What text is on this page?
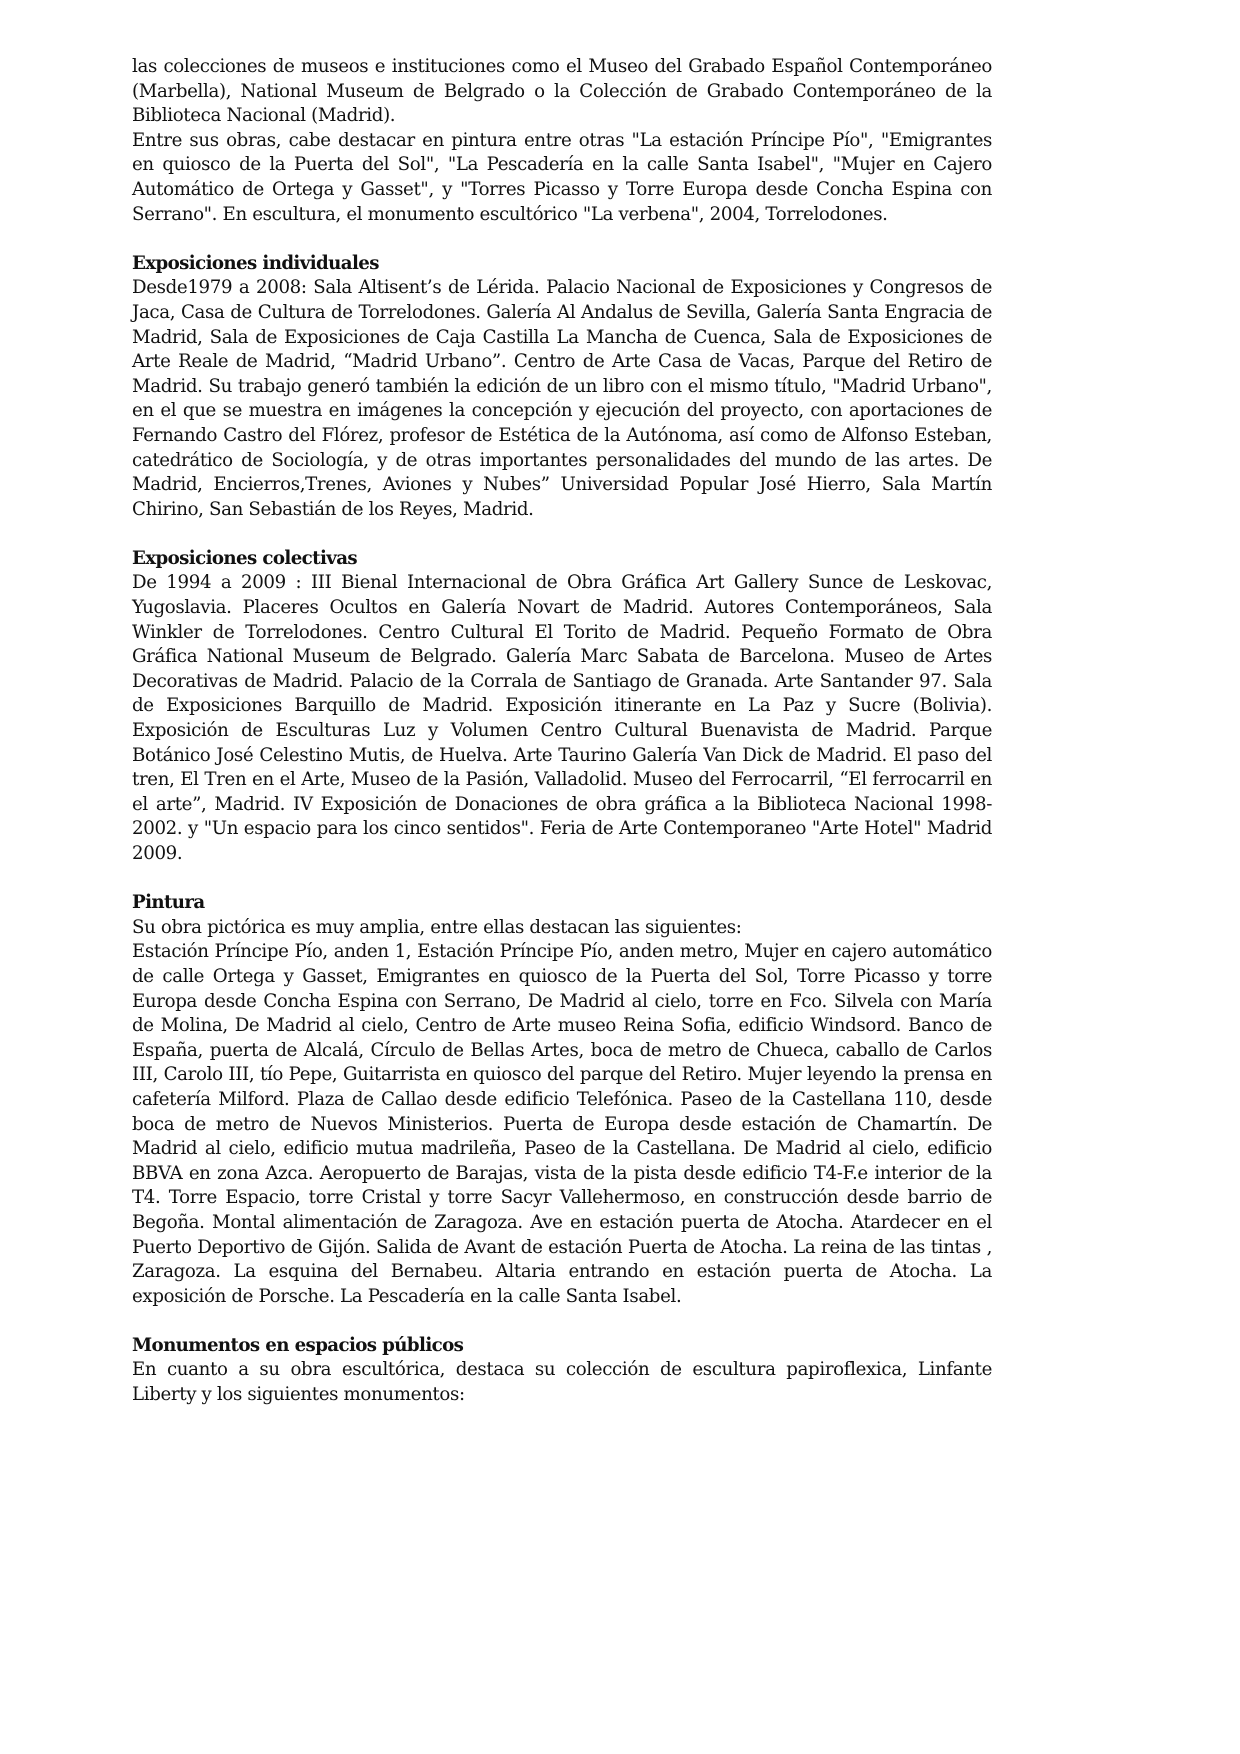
las colecciones de museos e instituciones como el Museo del Grabado Español Contemporáneo (Marbella), National Museum de Belgrado o la Colección de Grabado Contemporáneo de la Biblioteca Nacional (Madrid).

Entre sus obras, cabe destacar en pintura entre otras "La estación Príncipe Pío", "Emigrantes en quiosco de la Puerta del Sol", "La Pescadería en la calle Santa Isabel", "Mujer en Cajero Automático de Ortega y Gasset", y "Torres Picasso y Torre Europa desde Concha Espina con Serrano". En escultura, el monumento escultórico "La verbena", 2004, Torrelodones.

Exposiciones individuales

Desde1979 a 2008: Sala Altisent’s de Lérida. Palacio Nacional de Exposiciones y Congresos de Jaca, Casa de Cultura de Torrelodones. Galería Al Andalus de Sevilla, Galería Santa Engracia de Madrid, Sala de Exposiciones de Caja Castilla La Mancha de Cuenca, Sala de Exposiciones de Arte Reale de Madrid, “Madrid Urbano”. Centro de Arte Casa de Vacas, Parque del Retiro de Madrid. Su trabajo generó también la edición de un libro con el mismo título, "Madrid Urbano", en el que se muestra en imágenes la concepción y ejecución del proyecto, con aportaciones de Fernando Castro del Flórez, profesor de Estética de la Autónoma, así como de Alfonso Esteban, catedrático de Sociología, y de otras importantes personalidades del mundo de las artes. De Madrid, Encierros,Trenes, Aviones y Nubes” Universidad Popular José Hierro, Sala Martín Chirino, San Sebastián de los Reyes, Madrid.

Exposiciones colectivas

De 1994 a 2009 : III Bienal Internacional de Obra Gráfica Art Gallery Sunce de Leskovac, Yugoslavia. Placeres Ocultos en Galería Novart de Madrid. Autores Contemporáneos, Sala Winkler de Torrelodones. Centro Cultural El Torito de Madrid. Pequeño Formato de Obra Gráfica National Museum de Belgrado. Galería Marc Sabata de Barcelona. Museo de Artes Decorativas de Madrid. Palacio de la Corrala de Santiago de Granada. Arte Santander 97. Sala de Exposiciones Barquillo de Madrid. Exposición itinerante en La Paz y Sucre (Bolivia). Exposición de Esculturas Luz y Volumen Centro Cultural Buenavista de Madrid. Parque Botánico José Celestino Mutis, de Huelva. Arte Taurino Galería Van Dick de Madrid. El paso del tren, El Tren en el Arte, Museo de la Pasión, Valladolid. Museo del Ferrocarril, “El ferrocarril en el arte”, Madrid. IV Exposición de Donaciones de obra gráfica a la Biblioteca Nacional 1998-2002. y "Un espacio para los cinco sentidos". Feria de Arte Contemporaneo "Arte Hotel" Madrid 2009.

Pintura

Su obra pictórica es muy amplia, entre ellas destacan las siguientes:

Estación Príncipe Pío, anden 1, Estación Príncipe Pío, anden metro, Mujer en cajero automático de calle Ortega y Gasset, Emigrantes en quiosco de la Puerta del Sol, Torre Picasso y torre Europa desde Concha Espina con Serrano, De Madrid al cielo, torre en Fco. Silvela con María de Molina, De Madrid al cielo, Centro de Arte museo Reina Sofia, edificio Windsord. Banco de España, puerta de Alcalá, Círculo de Bellas Artes, boca de metro de Chueca, caballo de Carlos III, Carolo III, tío Pepe, Guitarrista en quiosco del parque del Retiro. Mujer leyendo la prensa en cafetería Milford. Plaza de Callao desde edificio Telefónica. Paseo de la Castellana 110, desde boca de metro de Nuevos Ministerios. Puerta de Europa desde estación de Chamartín. De Madrid al cielo, edificio mutua madrileña, Paseo de la Castellana. De Madrid al cielo, edificio BBVA en zona Azca. Aeropuerto de Barajas, vista de la pista desde edificio T4-F.e interior de la T4. Torre Espacio, torre Cristal y torre Sacyr Vallehermoso, en construcción desde barrio de Begoña. Montal alimentación de Zaragoza. Ave en estación puerta de Atocha. Atardecer en el Puerto Deportivo de Gijón. Salida de Avant de estación Puerta de Atocha. La reina de las tintas , Zaragoza. La esquina del Bernabeu. Altaria entrando en estación puerta de Atocha. La exposición de Porsche. La Pescadería en la calle Santa Isabel.

Monumentos en espacios públicos

En cuanto a su obra escultórica, destaca su colección de escultura papiroflexica, Linfante Liberty y los siguientes monumentos:
